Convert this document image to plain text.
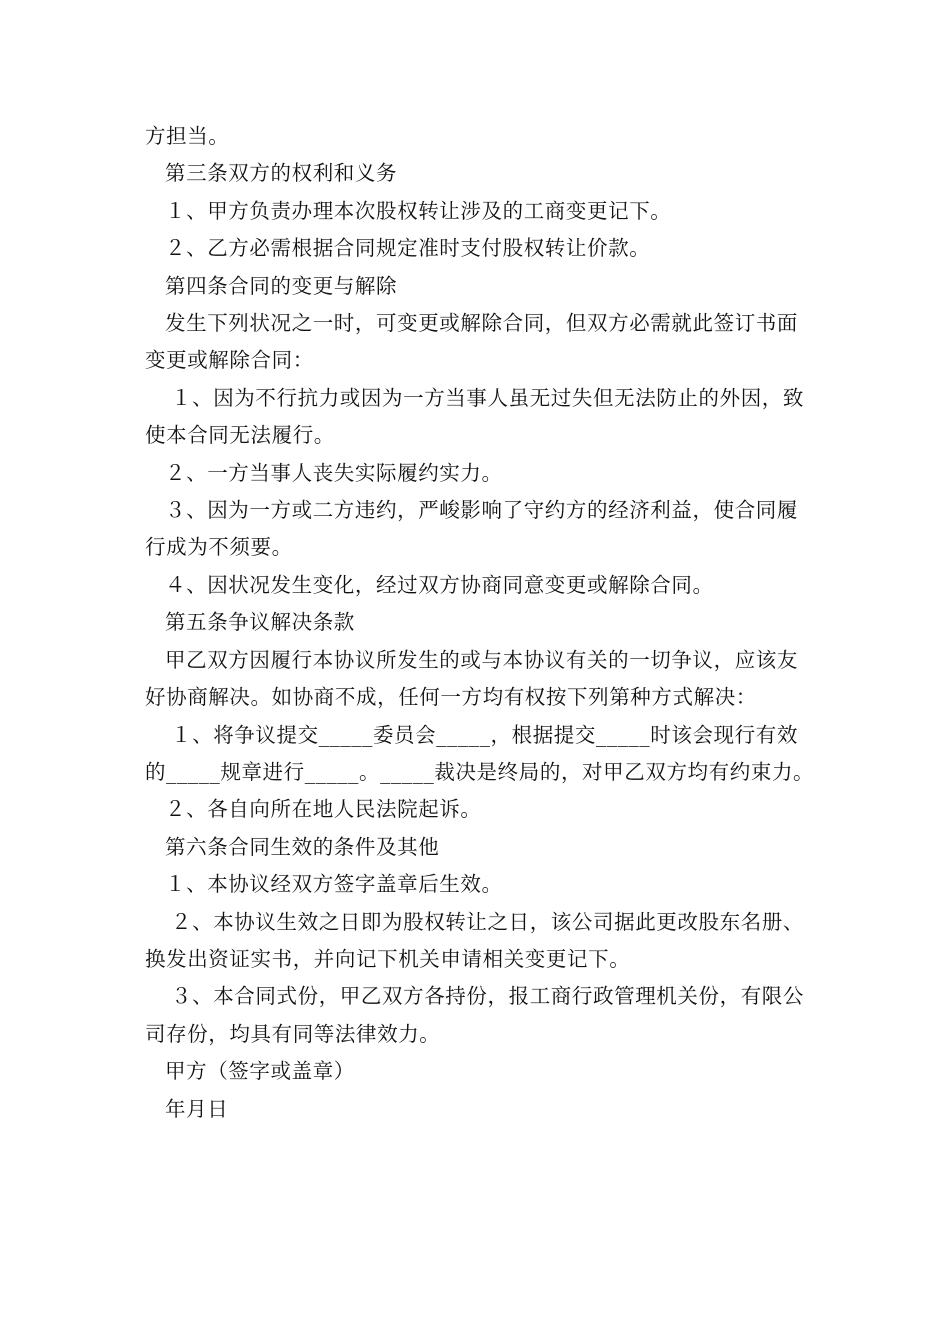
方担当。

第三条双方的权利和义务

１、甲方负责办理本次股权转让涉及的工商变更记下。

２、乙方必需根据合同规定准时支付股权转让价款。

第四条合同的变更与解除

发生下列状况之一时，可变更或解除合同，但双方必需就此签订书面变更或解除合同：

１、因为不行抗力或因为一方当事人虽无过失但无法防止的外因，致使本合同无法履行。

２、一方当事人丧失实际履约实力。

３、因为一方或二方违约，严峻影响了守约方的经济利益，使合同履行成为不须要。

４、因状况发生变化，经过双方协商同意变更或解除合同。

第五条争议解决条款

甲乙双方因履行本协议所发生的或与本协议有关的一切争议，应该友好协商解决。如协商不成，任何一方均有权按下列第种方式解决：

１、将争议提交_____委员会_____，根据提交_____时该会现行有效的_____规章进行_____。_____裁决是终局的，对甲乙双方均有约束力。

２、各自向所在地人民法院起诉。

第六条合同生效的条件及其他

１、本协议经双方签字盖章后生效。

２、本协议生效之日即为股权转让之日，该公司据此更改股东名册、换发出资证实书，并向记下机关申请相关变更记下。

３、本合同式份，甲乙双方各持份，报工商行政管理机关份，有限公司存份，均具有同等法律效力。

甲方（签字或盖章）

年月日
